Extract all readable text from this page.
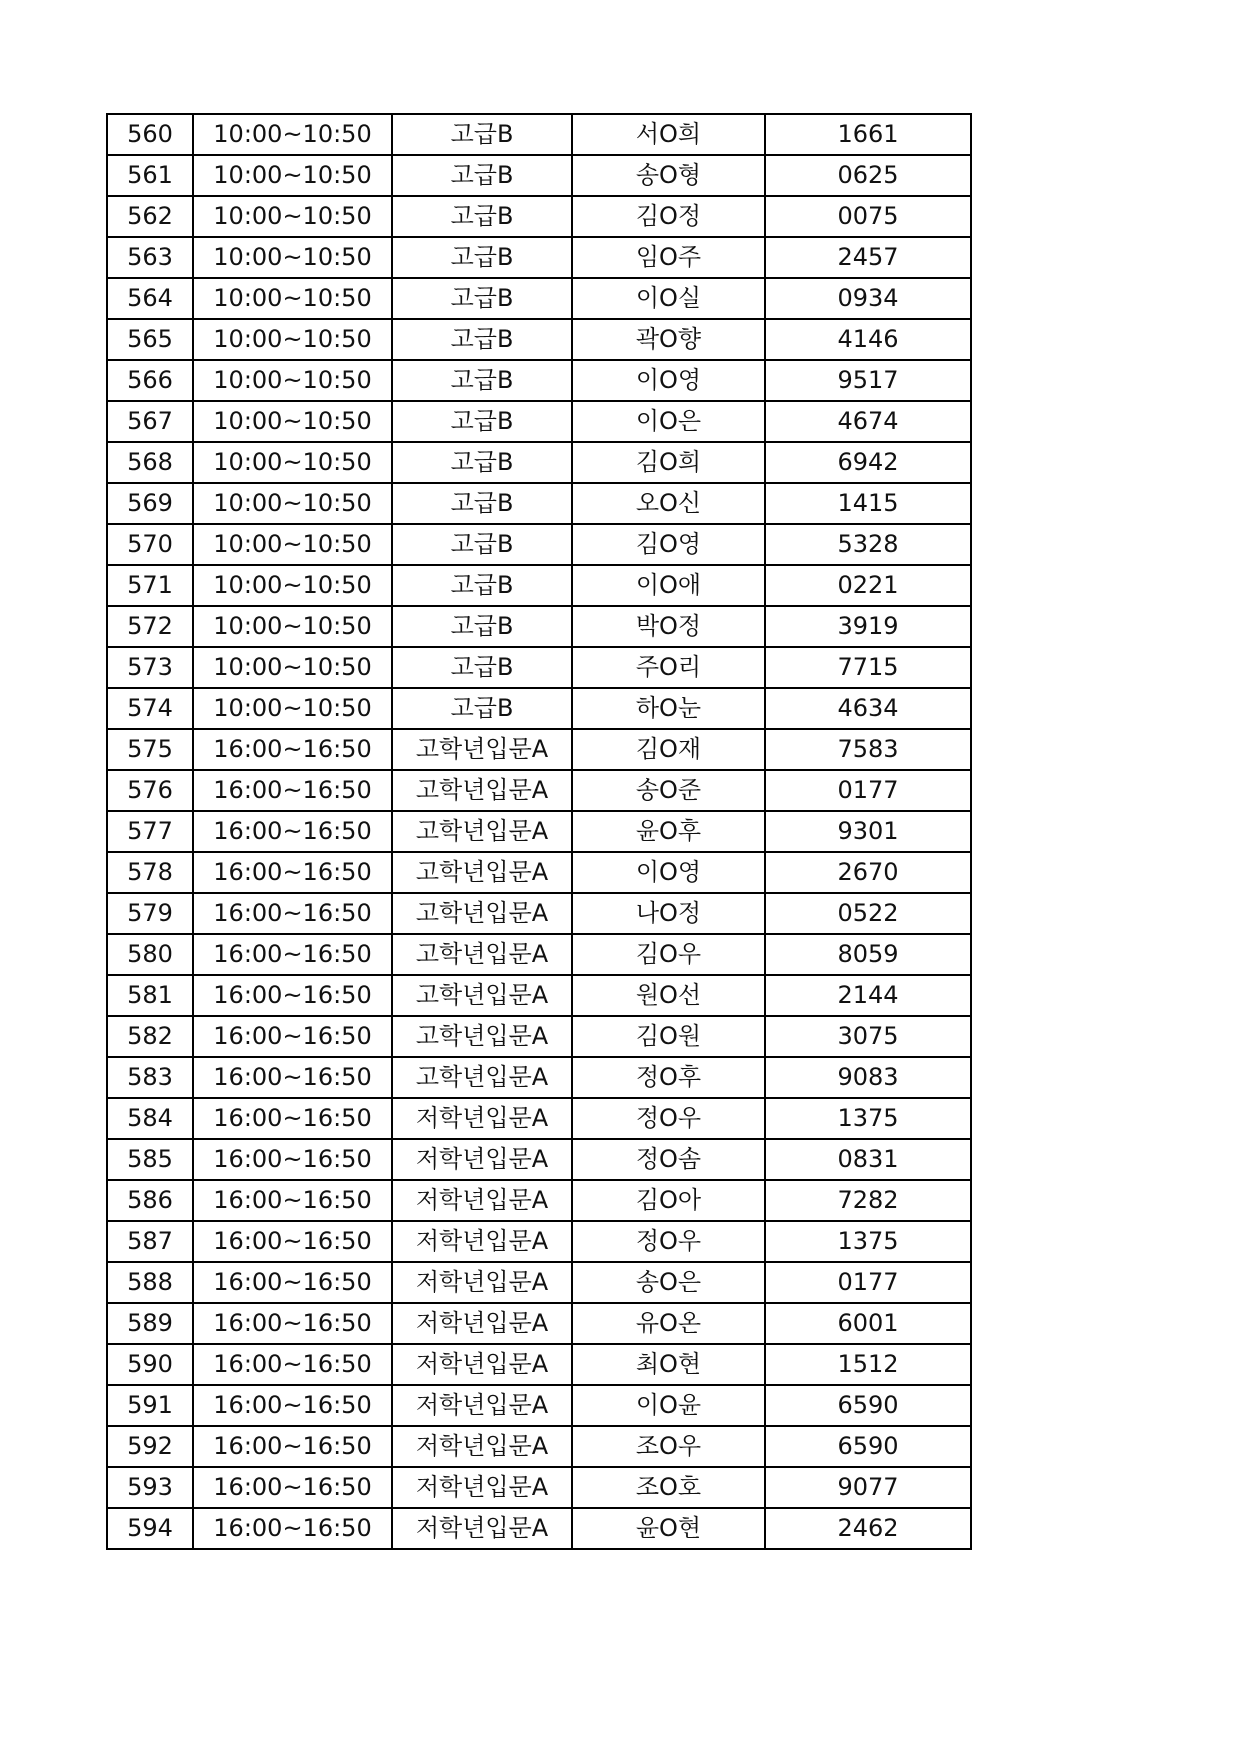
560	10:00~10:50	고급B	서O희	1661
561	10:00~10:50	고급B	송O형	0625
562	10:00~10:50	고급B	김O정	0075
563	10:00~10:50	고급B	임O주	2457
564	10:00~10:50	고급B	이O실	0934
565	10:00~10:50	고급B	곽O향	4146
566	10:00~10:50	고급B	이O영	9517
567	10:00~10:50	고급B	이O은	4674
568	10:00~10:50	고급B	김O희	6942
569	10:00~10:50	고급B	오O신	1415
570	10:00~10:50	고급B	김O영	5328
571	10:00~10:50	고급B	이O애	0221
572	10:00~10:50	고급B	박O정	3919
573	10:00~10:50	고급B	주O리	7715
574	10:00~10:50	고급B	하O눈	4634
575	16:00~16:50	고학년입문A	김O재	7583
576	16:00~16:50	고학년입문A	송O준	0177
577	16:00~16:50	고학년입문A	윤O후	9301
578	16:00~16:50	고학년입문A	이O영	2670
579	16:00~16:50	고학년입문A	나O정	0522
580	16:00~16:50	고학년입문A	김O우	8059
581	16:00~16:50	고학년입문A	원O선	2144
582	16:00~16:50	고학년입문A	김O원	3075
583	16:00~16:50	고학년입문A	정O후	9083
584	16:00~16:50	저학년입문A	정O우	1375
585	16:00~16:50	저학년입문A	정O솜	0831
586	16:00~16:50	저학년입문A	김O아	7282
587	16:00~16:50	저학년입문A	정O우	1375
588	16:00~16:50	저학년입문A	송O은	0177
589	16:00~16:50	저학년입문A	유O온	6001
590	16:00~16:50	저학년입문A	최O현	1512
591	16:00~16:50	저학년입문A	이O윤	6590
592	16:00~16:50	저학년입문A	조O우	6590
593	16:00~16:50	저학년입문A	조O호	9077
594	16:00~16:50	저학년입문A	윤O현	2462
